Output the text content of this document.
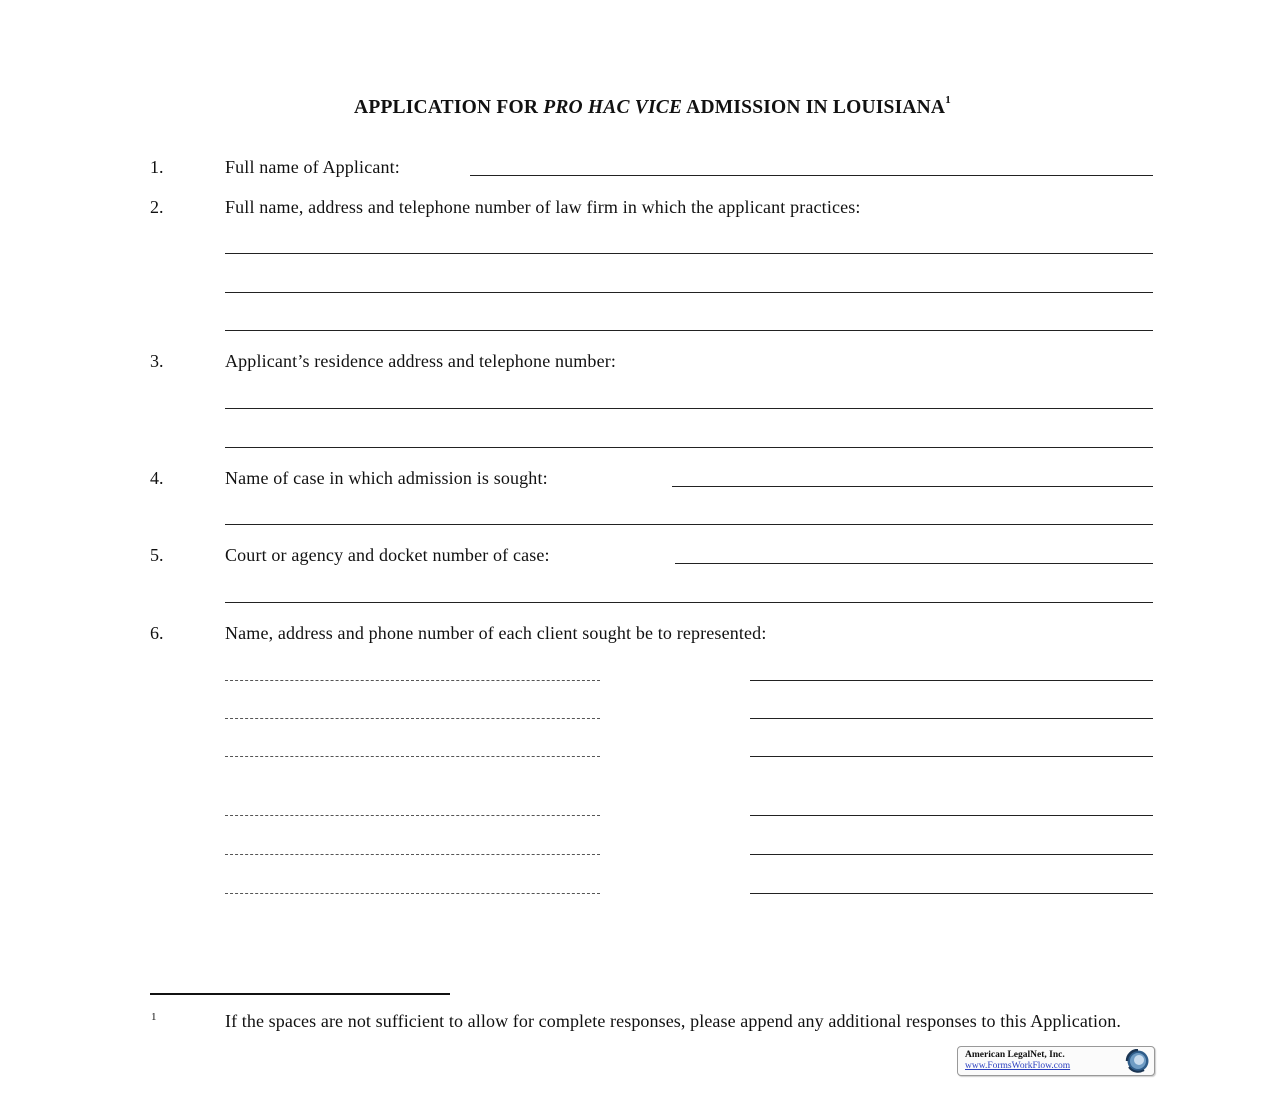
APPLICATION FOR PRO HAC VICE ADMISSION IN LOUISIANA$^1$
1.	Full name of Applicant:
2.	Full name, address and telephone number of law firm in which the applicant practices:
3.	Applicant’s residence address and telephone number:
4.	Name of case in which admission is sought:
5.	Court or agency and docket number of case:
6.	Name, address and phone number of each client sought be to represented:
1	If the spaces are not sufficient to allow for complete responses, please append any additional responses to this Application.
American LegalNet, Inc.
www.FormsWorkFlow.com
